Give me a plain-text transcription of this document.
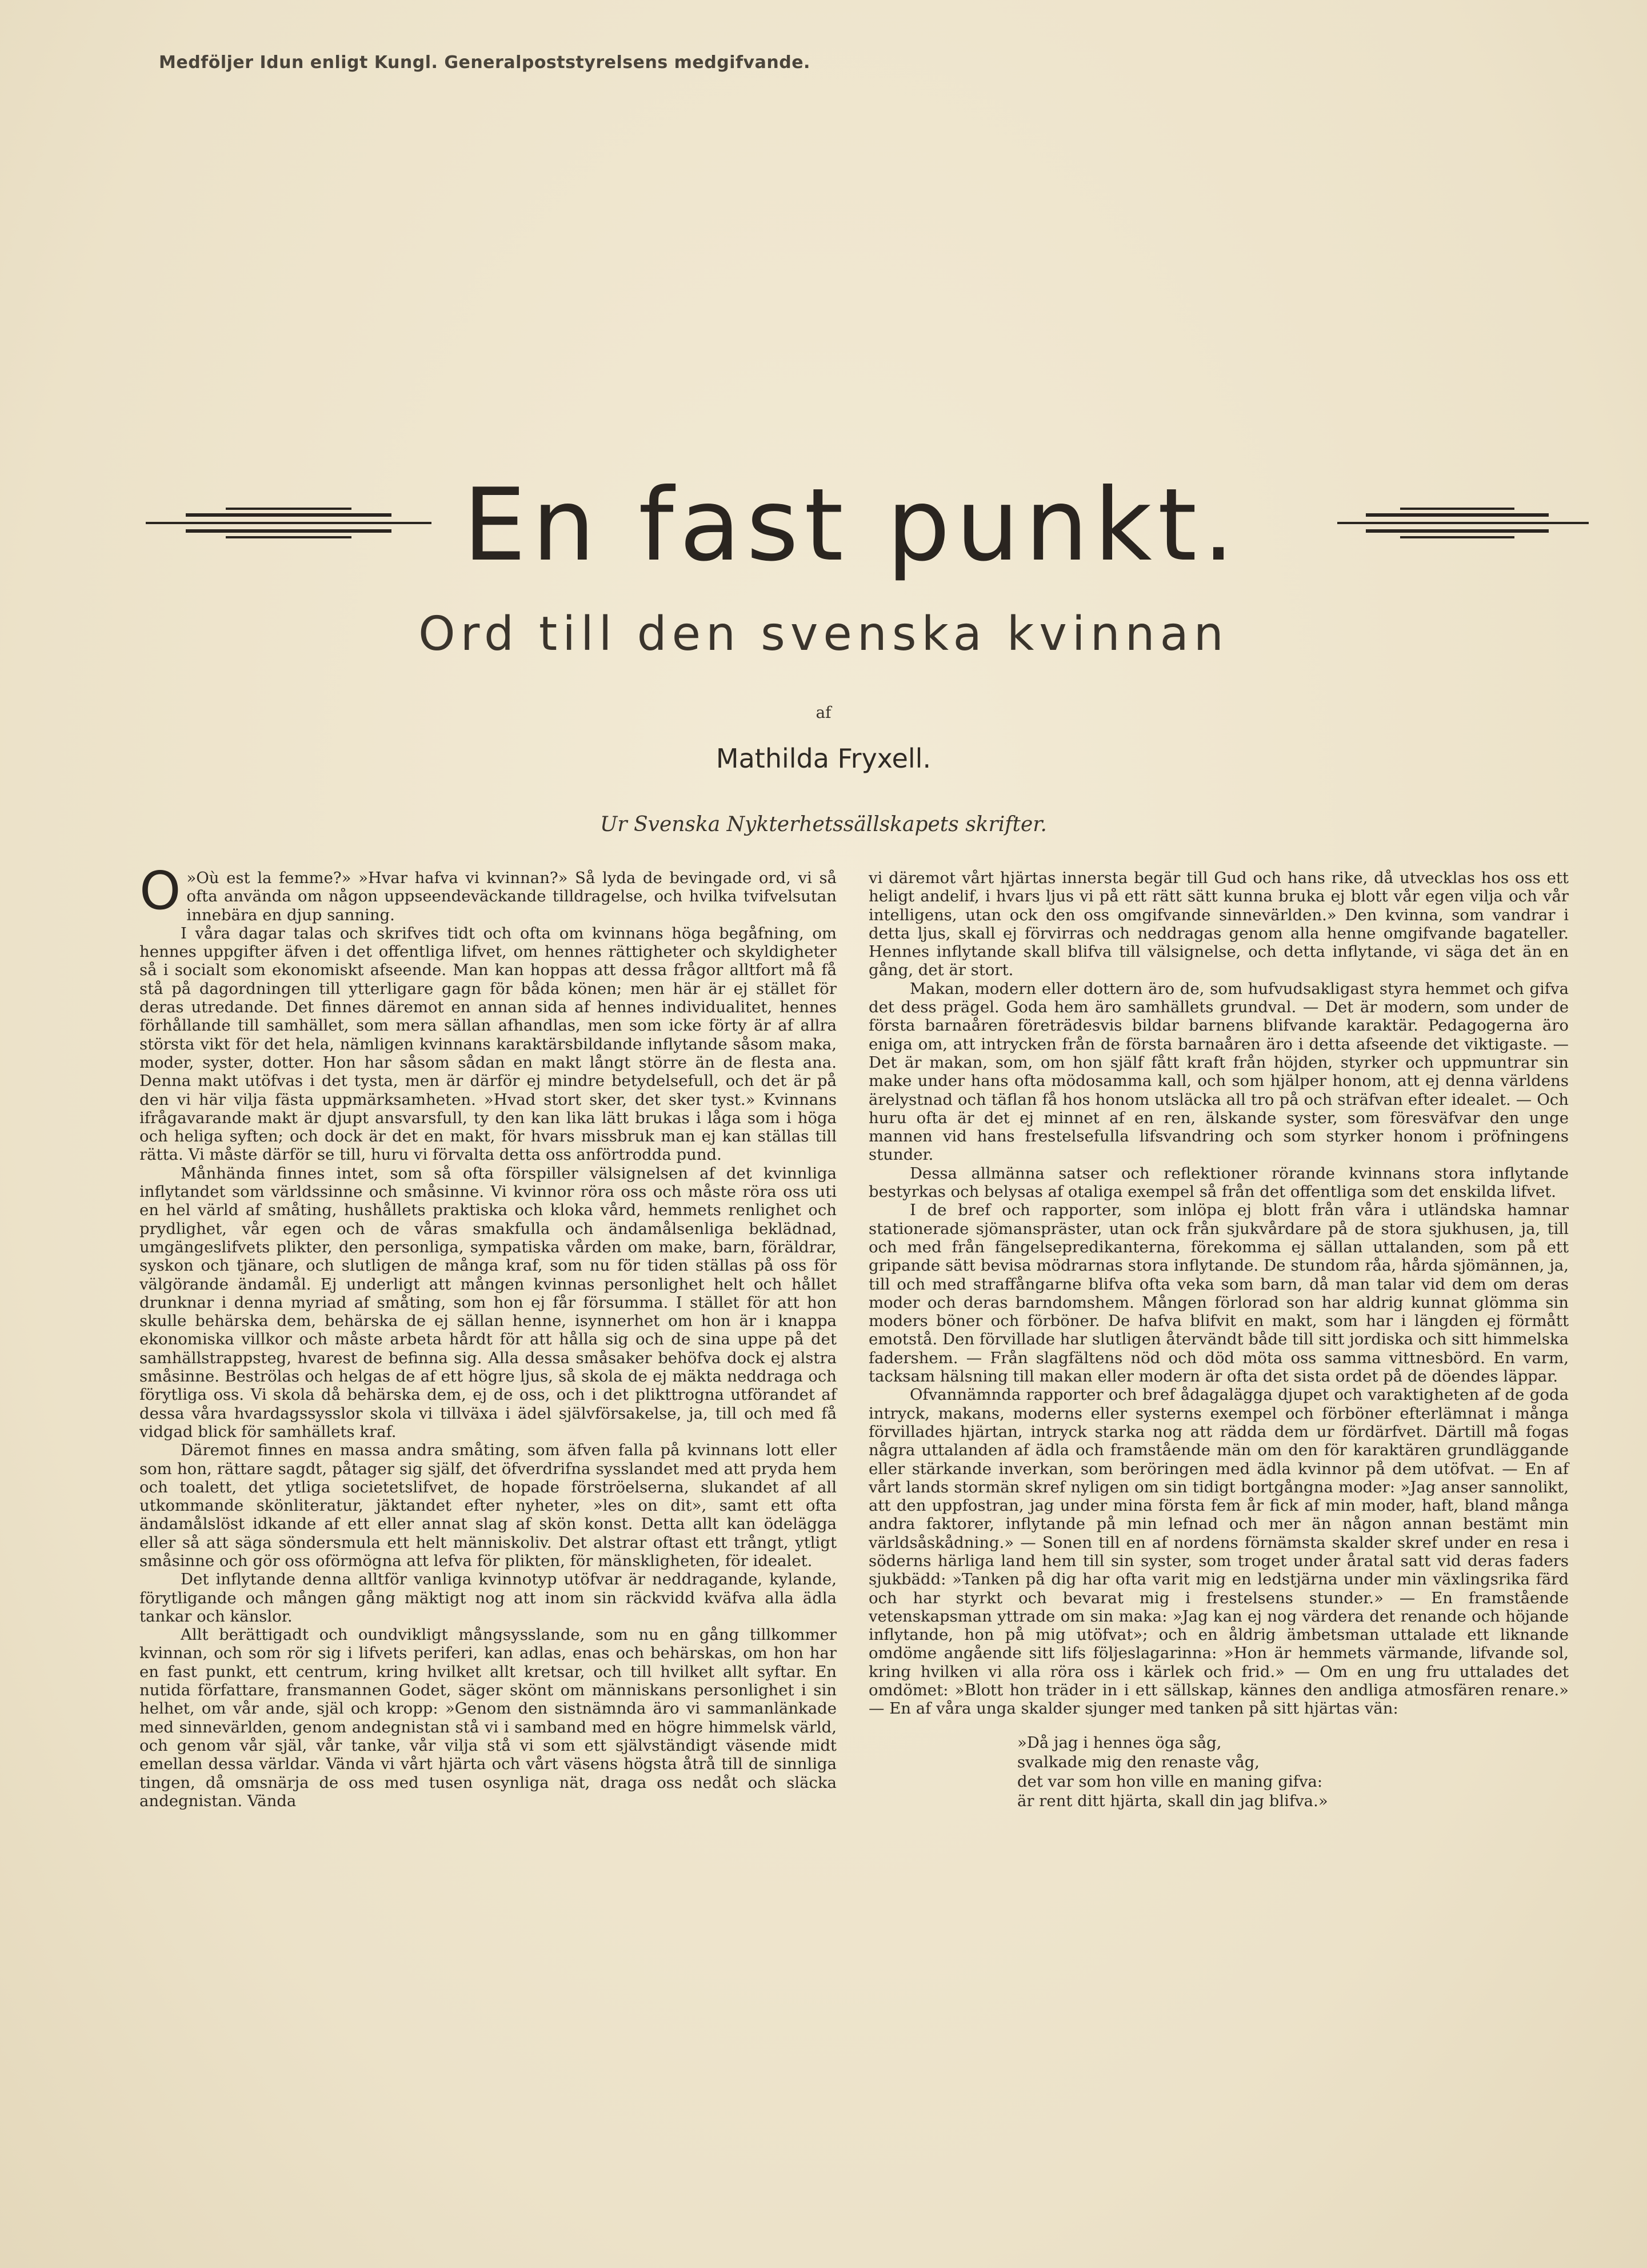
Medföljer Idun enligt Kungl. Generalpoststyrelsens medgifvande.
En fast punkt.
Ord till den svenska kvinnan
af
Mathilda Fryxell.
Ur Svenska Nykterhetssällskapets skrifter.

O »Où est la femme?» »Hvar hafva vi kvinnan?» Så lyda de bevingade ord, vi så ofta använda om någon uppseendeväckande tilldragelse, och hvilka tvifvelsutan innebära en djup sanning.

I våra dagar talas och skrifves tidt och ofta om kvinnans höga begåfning, om hennes uppgifter äfven i det offentliga lifvet, om hennes rättigheter och skyldigheter så i socialt som ekonomiskt afseende. Man kan hoppas att dessa frågor alltfort må få stå på dagordningen till ytterligare gagn för båda könen; men här är ej stället för deras utredande. Det finnes däremot en annan sida af hennes individualitet, hennes förhållande till samhället, som mera sällan afhandlas, men som icke förty är af allra största vikt för det hela, nämligen kvinnans karaktärsbildande inflytande såsom maka, moder, syster, dotter. Hon har såsom sådan en makt långt större än de flesta ana. Denna makt utöfvas i det tysta, men är därför ej mindre betydelsefull, och det är på den vi här vilja fästa uppmärksamheten. »Hvad stort sker, det sker tyst.» Kvinnans ifrågavarande makt är djupt ansvarsfull, ty den kan lika lätt brukas i låga som i höga och heliga syften; och dock är det en makt, för hvars missbruk man ej kan ställas till rätta. Vi måste därför se till, huru vi förvalta detta oss anförtrodda pund.

Månhända finnes intet, som så ofta förspiller välsignelsen af det kvinnliga inflytandet som världssinne och småsinne. Vi kvinnor röra oss och måste röra oss uti en hel värld af småting, hushållets praktiska och kloka vård, hemmets renlighet och prydlighet, vår egen och de våras smakfulla och ändamålsenliga beklädnad, umgängeslifvets plikter, den personliga, sympatiska vården om make, barn, föräldrar, syskon och tjänare, och slutligen de många kraf, som nu för tiden ställas på oss för välgörande ändamål. Ej underligt att mången kvinnas personlighet helt och hållet drunknar i denna myriad af småting, som hon ej får försumma. I stället för att hon skulle behärska dem, behärska de ej sällan henne, isynnerhet om hon är i knappa ekonomiska villkor och måste arbeta hårdt för att hålla sig och de sina uppe på det samhällstrappsteg, hvarest de befinna sig. Alla dessa småsaker behöfva dock ej alstra småsinne. Beströlas och helgas de af ett högre ljus, så skola de ej mäkta neddraga och förytliga oss. Vi skola då behärska dem, ej de oss, och i det plikttrogna utförandet af dessa våra hvardagssysslor skola vi tillväxa i ädel självförsakelse, ja, till och med få vidgad blick för samhällets kraf.

Däremot finnes en massa andra småting, som äfven falla på kvinnans lott eller som hon, rättare sagdt, påtager sig själf, det öfverdrifna sysslandet med att pryda hem och toalett, det ytliga societetslifvet, de hopade förströelserna, slukandet af all utkommande skönliteratur, jäktandet efter nyheter, »les on dit», samt ett ofta ändamålslöst idkande af ett eller annat slag af skön konst. Detta allt kan ödelägga eller så att säga söndersmula ett helt människoliv. Det alstrar oftast ett trångt, ytligt småsinne och gör oss oförmögna att lefva för plikten, för mänskligheten, för idealet.

Det inflytande denna alltför vanliga kvinnotyp utöfvar är neddragande, kylande, förytligande och mången gång mäktigt nog att inom sin räckvidd kväfva alla ädla tankar och känslor.

Allt berättigadt och oundvikligt mångsysslande, som nu en gång tillkommer kvinnan, och som rör sig i lifvets periferi, kan adlas, enas och behärskas, om hon har en fast punkt, ett centrum, kring hvilket allt kretsar, och till hvilket allt syftar. En nutida författare, fransmannen Godet, säger skönt om människans personlighet i sin helhet, om vår ande, själ och kropp: »Genom den sistnämnda äro vi sammanlänkade med sinnevärlden, genom andegnistan stå vi i samband med en högre himmelsk värld, och genom vår själ, vår tanke, vår vilja stå vi som ett självständigt väsende midt emellan dessa världar. Vända vi vårt hjärta och vårt väsens högsta åtrå till de sinnliga tingen, då omsnärja de oss med tusen osynliga nät, draga oss nedåt och släcka andegnistan. Vända

vi däremot vårt hjärtas innersta begär till Gud och hans rike, då utvecklas hos oss ett heligt andelif, i hvars ljus vi på ett rätt sätt kunna bruka ej blott vår egen vilja och vår intelligens, utan ock den oss omgifvande sinnevärlden.» Den kvinna, som vandrar i detta ljus, skall ej förvirras och neddragas genom alla henne omgifvande bagateller. Hennes inflytande skall blifva till välsignelse, och detta inflytande, vi säga det än en gång, det är stort.

Makan, modern eller dottern äro de, som hufvudsakligast styra hemmet och gifva det dess prägel. Goda hem äro samhällets grundval. — Det är modern, som under de första barnaåren företrädesvis bildar barnens blifvande karaktär. Pedagogerna äro eniga om, att intrycken från de första barnaåren äro i detta afseende det viktigaste. — Det är makan, som, om hon själf fått kraft från höjden, styrker och uppmuntrar sin make under hans ofta mödosamma kall, och som hjälper honom, att ej denna världens ärelystnad och täflan få hos honom utsläcka all tro på och sträfvan efter idealet. — Och huru ofta är det ej minnet af en ren, älskande syster, som föresväfvar den unge mannen vid hans frestelsefulla lifsvandring och som styrker honom i pröfningens stunder.

Dessa allmänna satser och reflektioner rörande kvinnans stora inflytande bestyrkas och belysas af otaliga exempel så från det offentliga som det enskilda lifvet.

I de bref och rapporter, som inlöpa ej blott från våra i utländska hamnar stationerade sjömanspräster, utan ock från sjukvårdare på de stora sjukhusen, ja, till och med från fängelsepredikanterna, förekomma ej sällan uttalanden, som på ett gripande sätt bevisa mödrarnas stora inflytande. De stundom råa, hårda sjömännen, ja, till och med straffångarne blifva ofta veka som barn, då man talar vid dem om deras moder och deras barndomshem. Mången förlorad son har aldrig kunnat glömma sin moders böner och förböner. De hafva blifvit en makt, som har i längden ej förmått emotstå. Den förvillade har slutligen återvändt både till sitt jordiska och sitt himmelska fadershem. — Från slagfältens nöd och död möta oss samma vittnesbörd. En varm, tacksam hälsning till makan eller modern är ofta det sista ordet på de döendes läppar.

Ofvannämnda rapporter och bref ådagalägga djupet och varaktigheten af de goda intryck, makans, moderns eller systerns exempel och förböner efterlämnat i många förvillades hjärtan, intryck starka nog att rädda dem ur fördärfvet. Därtill må fogas några uttalanden af ädla och framstående män om den för karaktären grundläggande eller stärkande inverkan, som beröringen med ädla kvinnor på dem utöfvat. — En af vårt lands stormän skref nyligen om sin tidigt bortgångna moder: »Jag anser sannolikt, att den uppfostran, jag under mina första fem år fick af min moder, haft, bland många andra faktorer, inflytande på min lefnad och mer än någon annan bestämt min världsåskådning.» — Sonen till en af nordens förnämsta skalder skref under en resa i söderns härliga land hem till sin syster, som troget under åratal satt vid deras faders sjukbädd: »Tanken på dig har ofta varit mig en ledstjärna under min växlingsrika färd och har styrkt och bevarat mig i frestelsens stunder.» — En framstående vetenskapsman yttrade om sin maka: »Jag kan ej nog värdera det renande och höjande inflytande, hon på mig utöfvat»; och en åldrig ämbetsman uttalade ett liknande omdöme angående sitt lifs följeslagarinna: »Hon är hemmets värmande, lifvande sol, kring hvilken vi alla röra oss i kärlek och frid.» — Om en ung fru uttalades det omdömet: »Blott hon träder in i ett sällskap, kännes den andliga atmosfären renare.» — En af våra unga skalder sjunger med tanken på sitt hjärtas vän:

»Då jag i hennes öga såg,
svalkade mig den renaste våg,
det var som hon ville en maning gifva:
är rent ditt hjärta, skall din jag blifva.»
